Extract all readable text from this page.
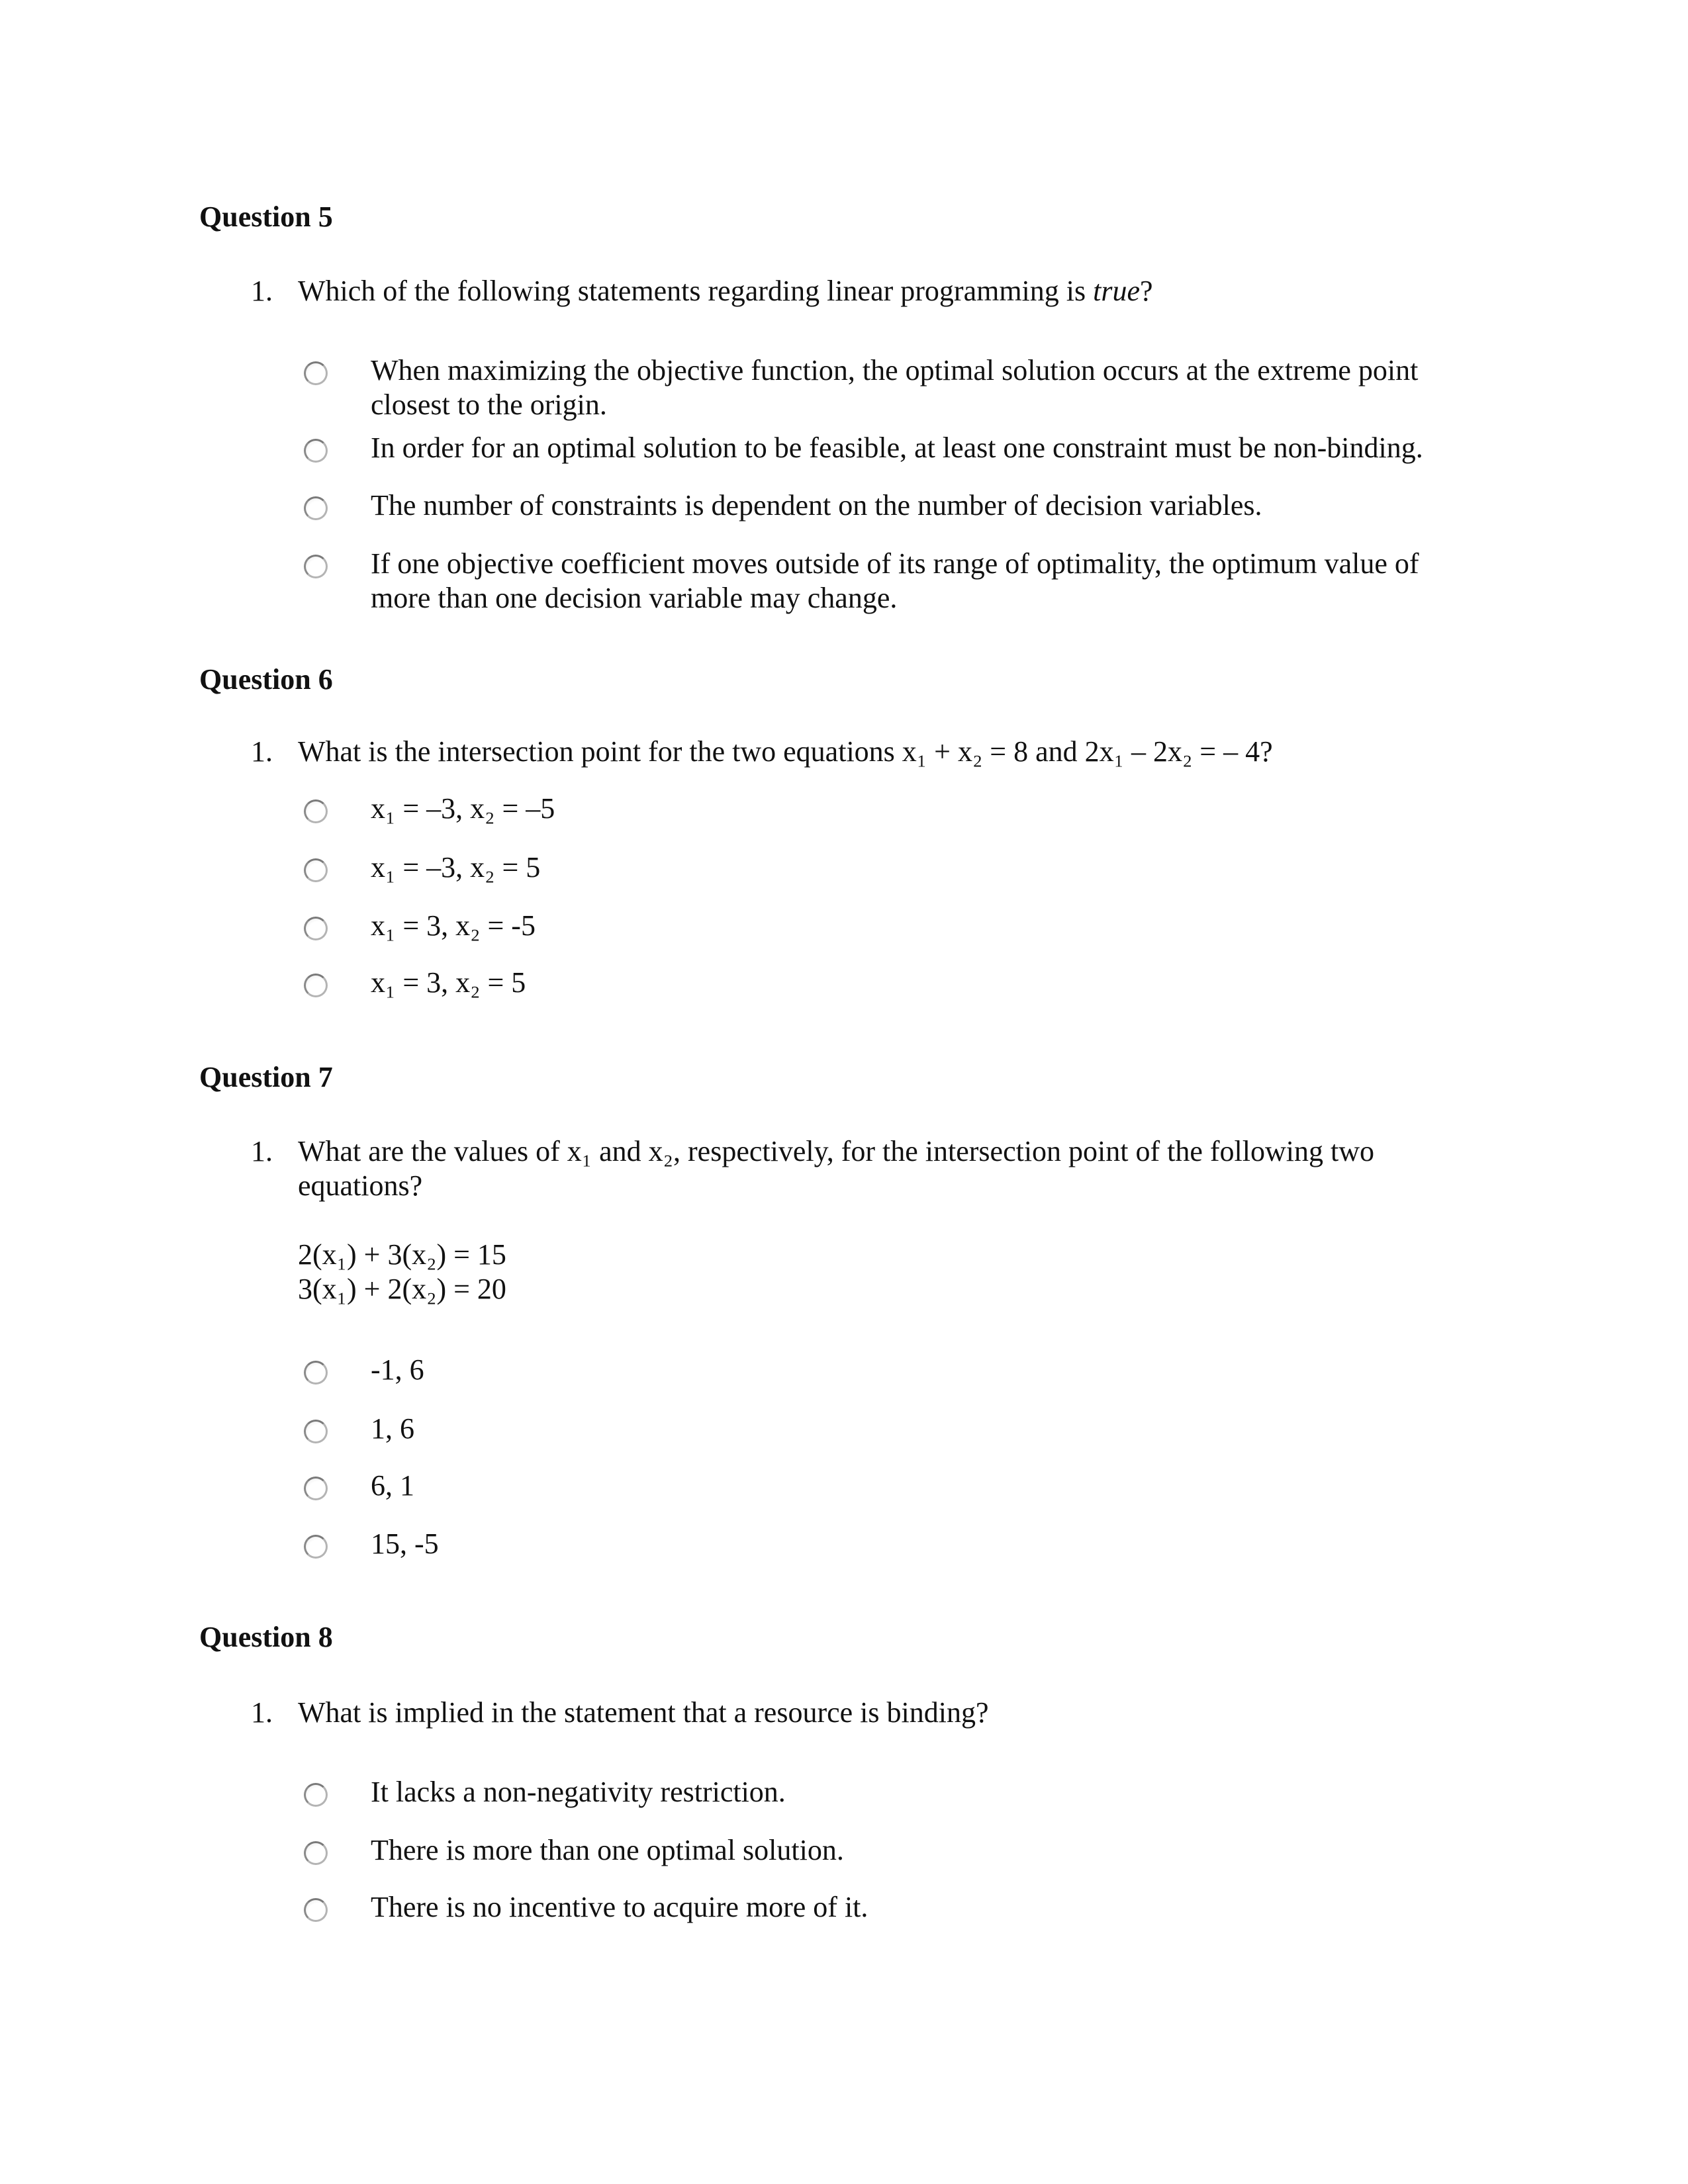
Question 5
1. Which of the following statements regarding linear programming is true?
When maximizing the objective function, the optimal solution occurs at the extreme point closest to the origin.
In order for an optimal solution to be feasible, at least one constraint must be non-binding.
The number of constraints is dependent on the number of decision variables.
If one objective coefficient moves outside of its range of optimality, the optimum value of more than one decision variable may change.
Question 6
1. What is the intersection point for the two equations x₁ + x₂ = 8 and 2x₁ – 2x₂ = – 4?
x₁ = –3, x₂ = –5
x₁ = –3, x₂ = 5
x₁ = 3, x₂ = -5
x₁ = 3, x₂ = 5
Question 7
1. What are the values of x₁ and x₂, respectively, for the intersection point of the following two equations?
2(x₁) + 3(x₂) = 15
3(x₁) + 2(x₂) = 20
-1, 6
1, 6
6, 1
15, -5
Question 8
1. What is implied in the statement that a resource is binding?
It lacks a non-negativity restriction.
There is more than one optimal solution.
There is no incentive to acquire more of it.
